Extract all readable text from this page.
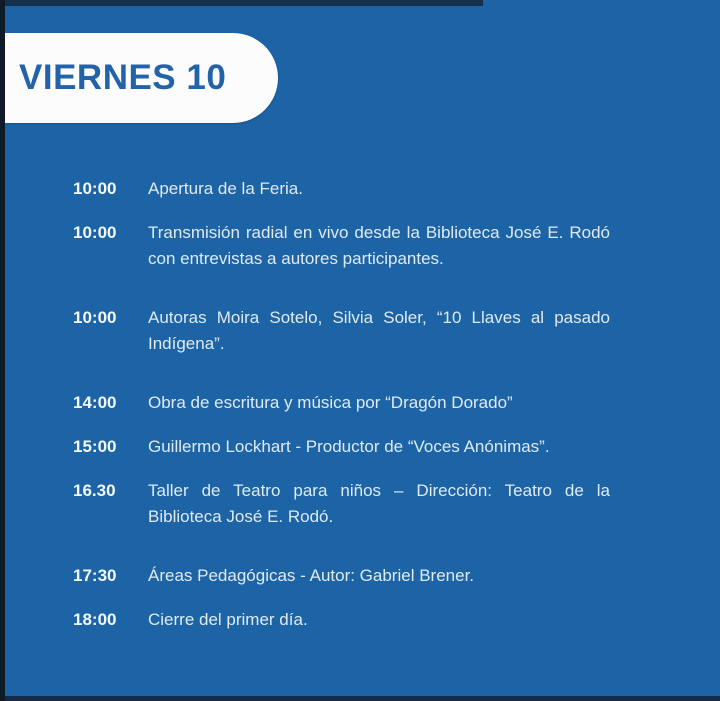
VIERNES 10
10:00	Apertura de la Feria.
10:00	Transmisión radial en vivo desde la Biblioteca José E. Rodó con entrevistas a autores participantes.
10:00	Autoras Moira Sotelo, Silvia Soler, “10 Llaves al pasado Indígena”.
14:00	Obra de escritura y música por “Dragón Dorado”
15:00	Guillermo Lockhart - Productor de “Voces Anónimas”.
16.30	Taller de Teatro para niños – Dirección: Teatro de la Biblioteca José E. Rodó.
17:30	Áreas Pedagógicas - Autor: Gabriel Brener.
18:00	Cierre del primer día.
